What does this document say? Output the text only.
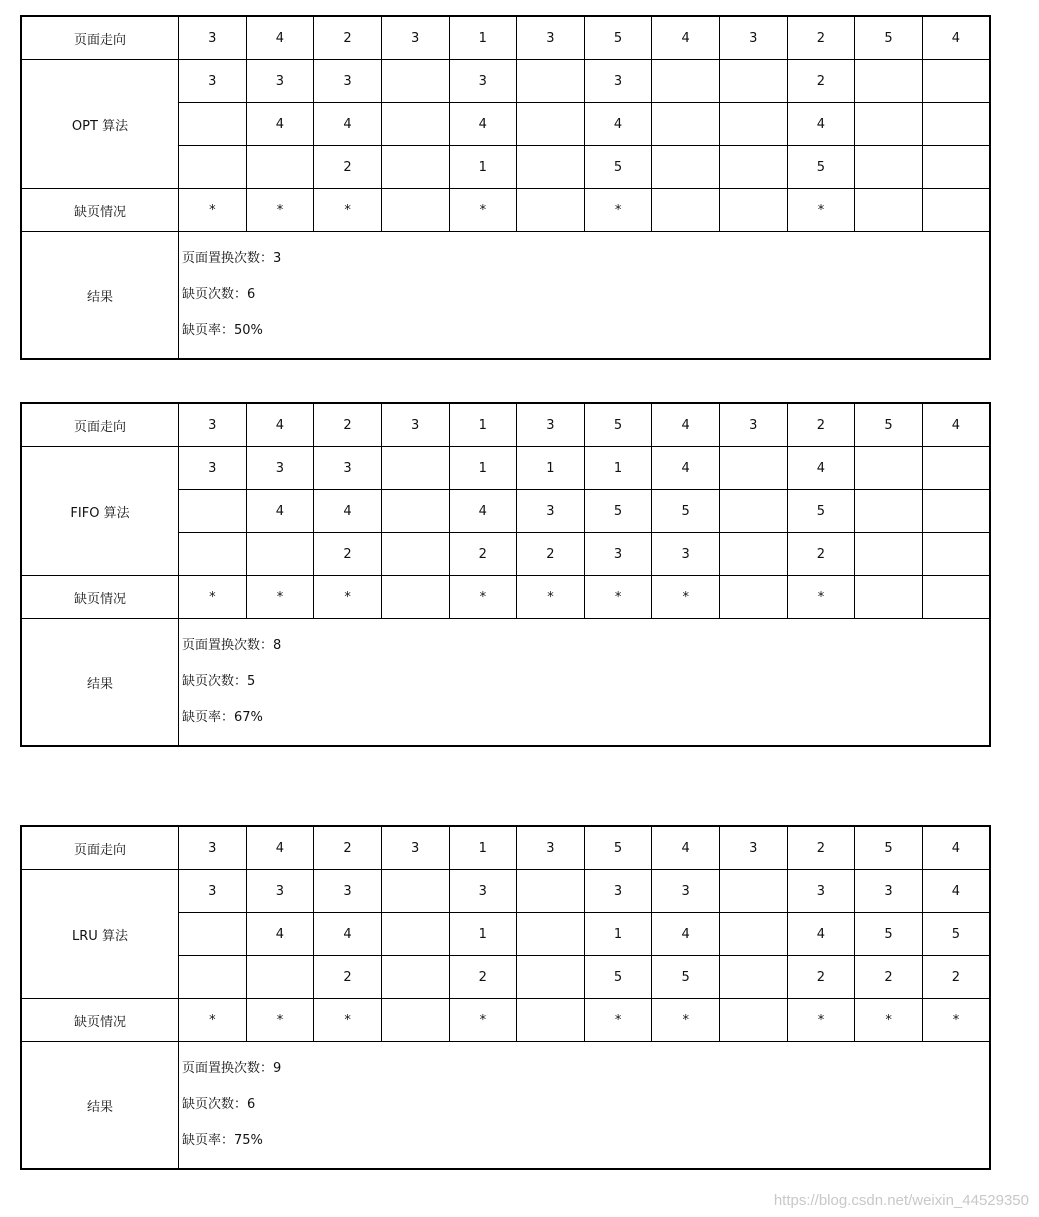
页面走向	3	4	2	3	1	3	5	4	3	2	5	4
OPT 算法	3	3	3		3		3			2		
		4	4		4		4			4		
			2		1		5			5		
缺页情况	*	*	*		*		*			*		
结果	页面置换次数：3
缺页次数：6
缺页率：50%											
页面走向	3	4	2	3	1	3	5	4	3	2	5	4
FIFO 算法	3	3	3		1	1	1	4		4		
		4	4		4	3	5	5		5		
			2		2	2	3	3		2		
缺页情况	*	*	*		*	*	*	*		*		
结果	页面置换次数：8
缺页次数：5
缺页率：67%											
页面走向	3	4	2	3	1	3	5	4	3	2	5	4
LRU 算法	3	3	3		3		3	3		3	3	4
		4	4		1		1	4		4	5	5
			2		2		5	5		2	2	2
缺页情况	*	*	*		*		*	*		*	*	*
结果	页面置换次数：9
缺页次数：6
缺页率：75%											
https://blog.csdn.net/weixin_44529350
